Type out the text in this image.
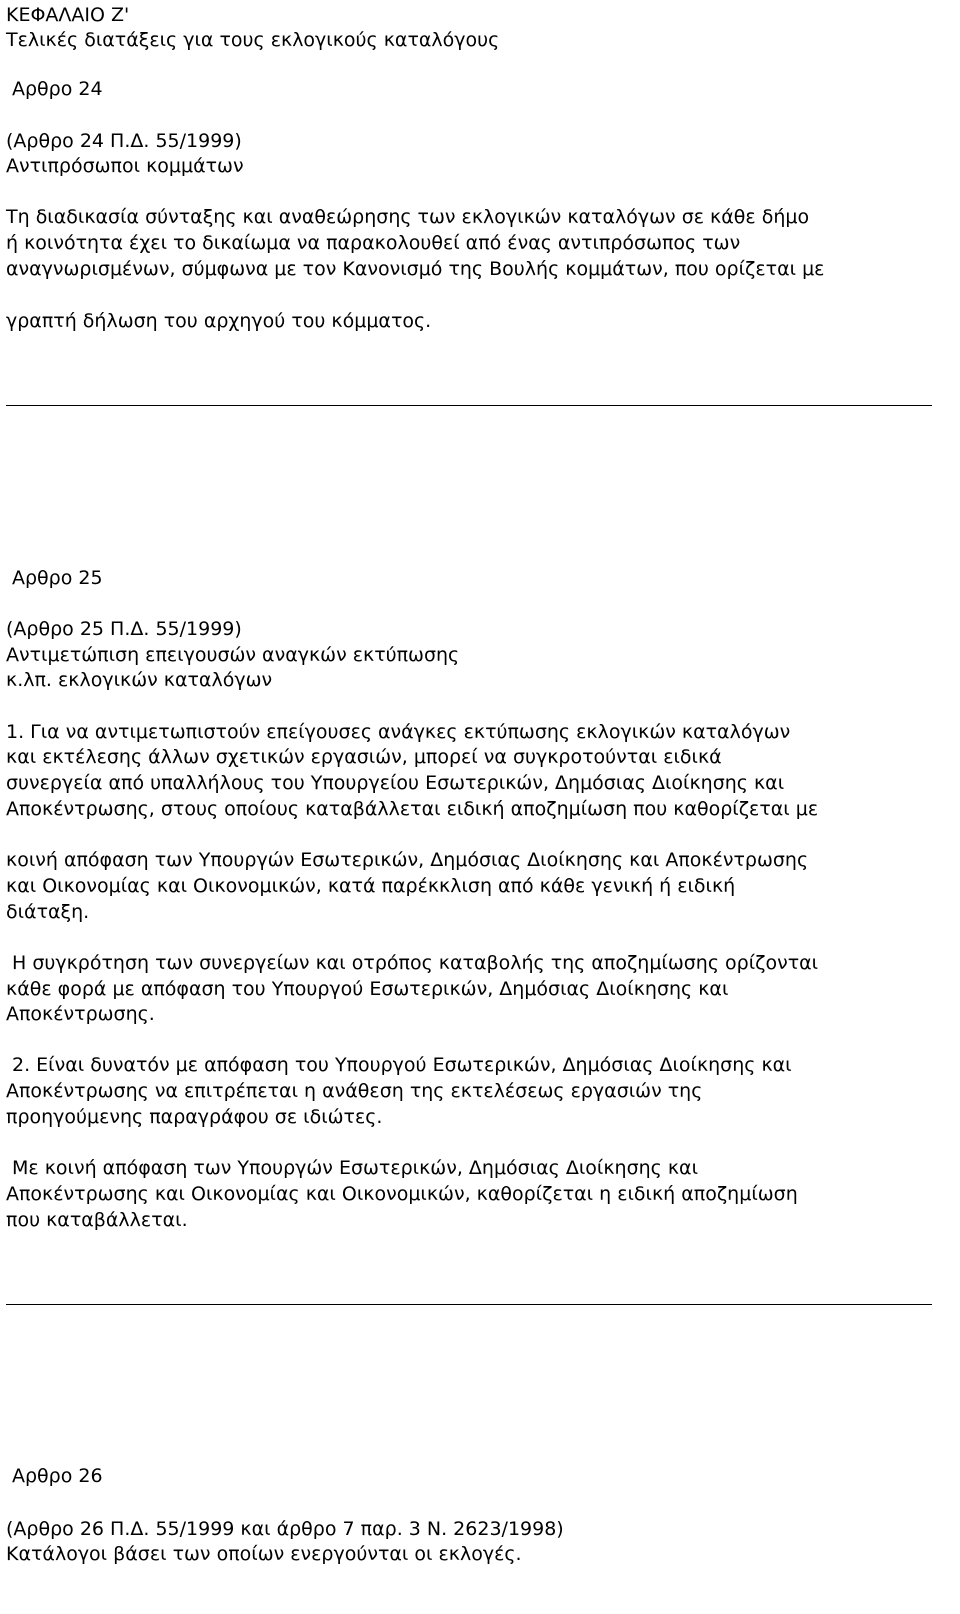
ΚΕΦΑΛΑΙΟ Ζ'

Τελικές διατάξεις για τους εκλογικούς καταλόγους

Αρθρο 24

(Αρθρο 24 Π.Δ. 55/1999)

Αντιπρόσωποι κομμάτων

Τη διαδικασία σύνταξης και αναθεώρησης των εκλογικών καταλόγων σε κάθε δήμο

ή κοινότητα έχει το δικαίωμα να παρακολουθεί από ένας αντιπρόσωπος των

αναγνωρισμένων, σύμφωνα με τον Κανονισμό της Βουλής κομμάτων, που ορίζεται με

γραπτή δήλωση του αρχηγού του κόμματος.

Αρθρο 25

(Αρθρο 25 Π.Δ. 55/1999)

Αντιμετώπιση επειγουσών αναγκών εκτύπωσης

κ.λπ. εκλογικών καταλόγων

1. Για να αντιμετωπιστούν επείγουσες ανάγκες εκτύπωσης εκλογικών καταλόγων

και εκτέλεσης άλλων σχετικών εργασιών, μπορεί να συγκροτούνται ειδικά

συνεργεία από υπαλλήλους του Υπουργείου Εσωτερικών, Δημόσιας Διοίκησης και

Αποκέντρωσης, στους οποίους καταβάλλεται ειδική αποζημίωση που καθορίζεται με

κοινή απόφαση των Υπουργών Εσωτερικών, Δημόσιας Διοίκησης και Αποκέντρωσης

και Οικονομίας και Οικονομικών, κατά παρέκκλιση από κάθε γενική ή ειδική

διάταξη.

Η συγκρότηση των συνεργείων και οτρόπος καταβολής της αποζημίωσης ορίζονται

κάθε φορά με απόφαση του Υπουργού Εσωτερικών, Δημόσιας Διοίκησης και

Αποκέντρωσης.

2. Είναι δυνατόν με απόφαση του Υπουργού Εσωτερικών, Δημόσιας Διοίκησης και

Αποκέντρωσης να επιτρέπεται η ανάθεση της εκτελέσεως εργασιών της

προηγούμενης παραγράφου σε ιδιώτες.

Με κοινή απόφαση των Υπουργών Εσωτερικών, Δημόσιας Διοίκησης και

Αποκέντρωσης και Οικονομίας και Οικονομικών, καθορίζεται η ειδική αποζημίωση

που καταβάλλεται.

Αρθρο 26

(Αρθρο 26 Π.Δ. 55/1999 και άρθρο 7 παρ. 3 Ν. 2623/1998)

Κατάλογοι βάσει των οποίων ενεργούνται οι εκλογές.
